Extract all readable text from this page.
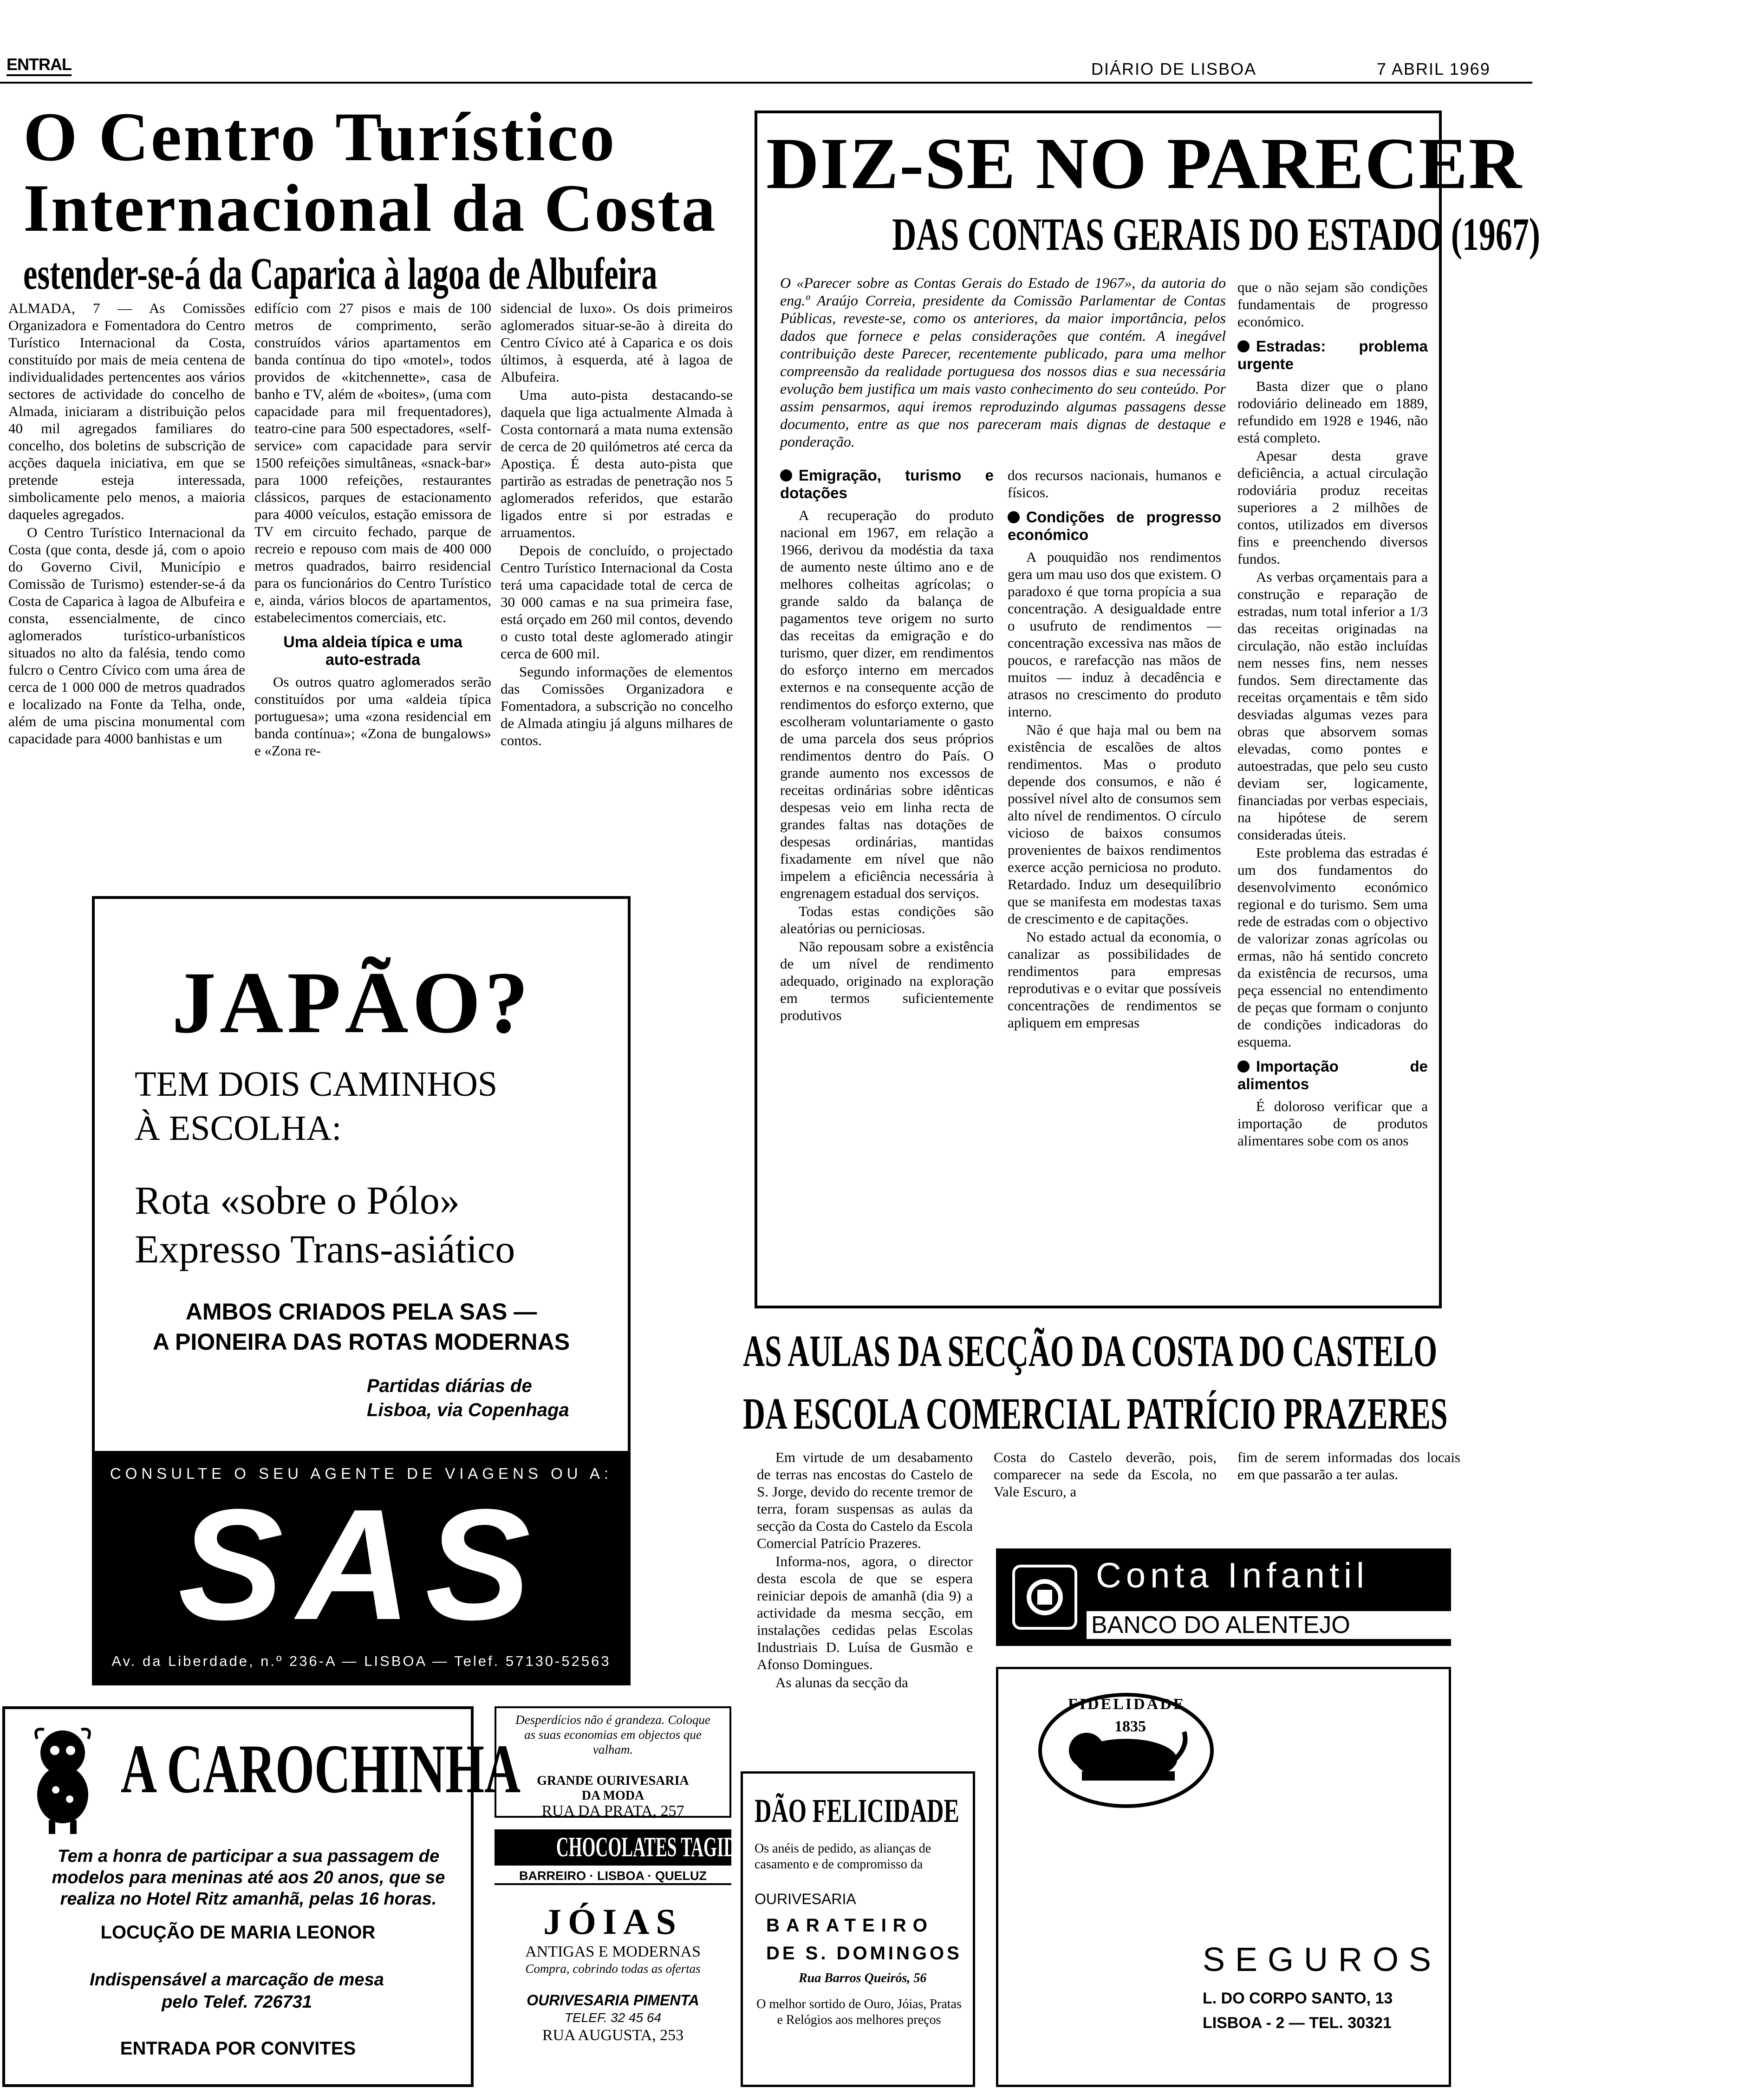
ENTRAL	DIÁRIO DE LISBOA	7 ABRIL 1969
O Centro Turístico
Internacional da Costa
estender-se-á da Caparica à lagoa de Albufeira

ALMADA, 7 — As Comissões Organizadora e Fomentadora do Centro Turístico Internacional da Costa, constituído por mais de meia centena de individualidades pertencentes aos vários sectores de actividade do concelho de Almada, iniciaram a distribuição pelos 40 mil agregados familiares do concelho, dos boletins de subscrição de acções daquela iniciativa, em que se pretende esteja interessada, simbolicamente pelo menos, a maioria daqueles agregados.

O Centro Turístico Internacional da Costa (que conta, desde já, com o apoio do Governo Civil, Município e Comissão de Turismo) estender-se-á da Costa de Caparica à lagoa de Albufeira e consta, essencialmente, de cinco aglomerados turístico-urbanísticos situados no alto da falésia, tendo como fulcro o Centro Cívico com uma área de cerca de 1 000 000 de metros quadrados e localizado na Fonte da Telha, onde, além de uma piscina monumental com capacidade para 4000 banhistas e um

edifício com 27 pisos e mais de 100 metros de comprimento, serão construídos vários apartamentos em banda contínua do tipo «motel», todos providos de «kitchennette», casa de banho e TV, além de «boites», (uma com capacidade para mil frequentadores), teatro-cine para 500 espectadores, «self-service» com capacidade para servir 1500 refeições simultâneas, «snack-bar» para 1000 refeições, restaurantes clássicos, parques de estacionamento para 4000 veículos, estação emissora de TV em circuito fechado, parque de recreio e repouso com mais de 400 000 metros quadrados, bairro residencial para os funcionários do Centro Turístico e, ainda, vários blocos de apartamentos, estabelecimentos comerciais, etc.

Uma aldeia típica e uma auto-estrada

Os outros quatro aglomerados serão constituídos por uma «aldeia típica portuguesa»; uma «zona residencial em banda contínua»; «Zona de bungalows» e «Zona re-

sidencial de luxo». Os dois primeiros aglomerados situar-se-ão à direita do Centro Cívico até à Caparica e os dois últimos, à esquerda, até à lagoa de Albufeira.

Uma auto-pista destacando-se daquela que liga actualmente Almada à Costa contornará a mata numa extensão de cerca de 20 quilómetros até cerca da Apostiça. É desta auto-pista que partirão as estradas de penetração nos 5 aglomerados referidos, que estarão ligados entre si por estradas e arruamentos.

Depois de concluído, o projectado Centro Turístico Internacional da Costa terá uma capacidade total de cerca de 30 000 camas e na sua primeira fase, está orçado em 260 mil contos, devendo o custo total deste aglomerado atingir cerca de 600 mil.

Segundo informações de elementos das Comissões Organizadora e Fomentadora, a subscrição no concelho de Almada atingiu já alguns milhares de contos.

DIZ-SE NO PARECER
DAS CONTAS GERAIS DO ESTADO (1967)
O «Parecer sobre as Contas Gerais do Estado de 1967», da autoria do eng.º Araújo Correia, presidente da Comissão Parlamentar de Contas Públicas, reveste-se, como os anteriores, da maior importância, pelos dados que fornece e pelas considerações que contém. A inegável contribuição deste Parecer, recentemente publicado, para uma melhor compreensão da realidade portuguesa dos nossos dias e sua necessária evolução bem justifica um mais vasto conhecimento do seu conteúdo. Por assim pensarmos, aqui iremos reproduzindo algumas passagens desse documento, entre as que nos pareceram mais dignas de destaque e ponderação.
Emigração, turismo e dotações

A recuperação do produto nacional em 1967, em relação a 1966, derivou da modéstia da taxa de aumento neste último ano e de melhores colheitas agrícolas; o grande saldo da balança de pagamentos teve origem no surto das receitas da emigração e do turismo, quer dizer, em rendimentos do esforço interno em mercados externos e na consequente acção de rendimentos do esforço externo, que escolheram voluntariamente o gasto de uma parcela dos seus próprios rendimentos dentro do País. O grande aumento nos excessos de receitas ordinárias sobre idênticas despesas veio em linha recta de grandes faltas nas dotações de despesas ordinárias, mantidas fixadamente em nível que não impelem a eficiência necessária à engrenagem estadual dos serviços.

Todas estas condições são aleatórias ou perniciosas.

Não repousam sobre a existência de um nível de rendimento adequado, originado na exploração em termos suficientemente produtivos

dos recursos nacionais, humanos e físicos.

Condições de progresso económico

A pouquidão nos rendimentos gera um mau uso dos que existem. O paradoxo é que torna propícia a sua concentração. A desigualdade entre o usufruto de rendimentos — concentração excessiva nas mãos de poucos, e rarefacção nas mãos de muitos — induz à decadência e atrasos no crescimento do produto interno.

Não é que haja mal ou bem na existência de escalões de altos rendimentos. Mas o produto depende dos consumos, e não é possível nível alto de consumos sem alto nível de rendimentos. O círculo vicioso de baixos consumos provenientes de baixos rendimentos exerce acção perniciosa no produto. Retardado. Induz um desequilíbrio que se manifesta em modestas taxas de crescimento e de capitações.

No estado actual da economia, o canalizar as possibilidades de rendimentos para empresas reprodutivas e o evitar que possíveis concentrações de rendimentos se apliquem em empresas

que o não sejam são condições fundamentais de progresso económico.

Estradas: problema urgente

Basta dizer que o plano rodoviário delineado em 1889, refundido em 1928 e 1946, não está completo.

Apesar desta grave deficiência, a actual circulação rodoviária produz receitas superiores a 2 milhões de contos, utilizados em diversos fins e preenchendo diversos fundos.

As verbas orçamentais para a construção e reparação de estradas, num total inferior a 1/3 das receitas originadas na circulação, não estão incluídas nem nesses fins, nem nesses fundos. Sem directamente das receitas orçamentais e têm sido desviadas algumas vezes para obras que absorvem somas elevadas, como pontes e autoestradas, que pelo seu custo deviam ser, logicamente, financiadas por verbas especiais, na hipótese de serem consideradas úteis.

Este problema das estradas é um dos fundamentos do desenvolvimento económico regional e do turismo. Sem uma rede de estradas com o objectivo de valorizar zonas agrícolas ou ermas, não há sentido concreto da existência de recursos, uma peça essencial no entendimento de peças que formam o conjunto de condições indicadoras do esquema.

Importação de alimentos

É doloroso verificar que a importação de produtos alimentares sobe com os anos

AS AULAS DA SECÇÃO DA COSTA DO CASTELO
DA ESCOLA COMERCIAL PATRÍCIO PRAZERES

Em virtude de um desabamento de terras nas encostas do Castelo de S. Jorge, devido do recente tremor de terra, foram suspensas as aulas da secção da Costa do Castelo da Escola Comercial Patrício Prazeres.

Informa-nos, agora, o director desta escola de que se espera reiniciar depois de amanhã (dia 9) a actividade da mesma secção, em instalações cedidas pelas Escolas Industriais D. Luísa de Gusmão e Afonso Domingues.

As alunas da secção da

Costa do Castelo deverão, pois, comparecer na sede da Escola, no Vale Escuro, a

fim de serem informadas dos locais em que passarão a ter aulas.

JAPÃO?
TEM DOIS CAMINHOS
À ESCOLHA:
Rota «sobre o Pólo»
Expresso Trans-asiático
AMBOS CRIADOS PELA SAS —
A PIONEIRA DAS ROTAS MODERNAS
Partidas diárias de
Lisboa, via Copenhaga
CONSULTE O SEU AGENTE DE VIAGENS OU A:
SAS
Av. da Liberdade, n.º 236-A — LISBOA — Telef. 57130-52563
A CAROCHINHA
Tem a honra de participar a sua passagem de modelos para meninas até aos 20 anos, que se realiza no Hotel Ritz amanhã, pelas 16 horas.
LOCUÇÃO DE MARIA LEONOR
Indispensável a marcação de mesa pelo Telef. 726731
ENTRADA POR CONVITES
Desperdícios não é grandeza. Coloque as suas economias em objectos que valham.
GRANDE OURIVESARIA
DA MODA
RUA DA PRATA, 257
CHOCOLATES TAGIDES
BARREIRO · LISBOA · QUELUZ
JÓIAS
ANTIGAS E MODERNAS
Compra, cobrindo todas as ofertas
OURIVESARIA PIMENTA
TELEF. 32 45 64
RUA AUGUSTA, 253
DÃO FELICIDADE
Os anéis de pedido, as alianças de casamento e de compromisso da
OURIVESARIA
BARATEIRO
DE S. DOMINGOS
Rua Barros Queirós, 56
O melhor sortido de Ouro, Jóias, Pratas e Relógios aos melhores preços
Conta Infantil
BANCO DO ALENTEJO
FIDELIDADE
1835
SEGUROS
L. DO CORPO SANTO, 13
LISBOA - 2 — TEL. 30321
